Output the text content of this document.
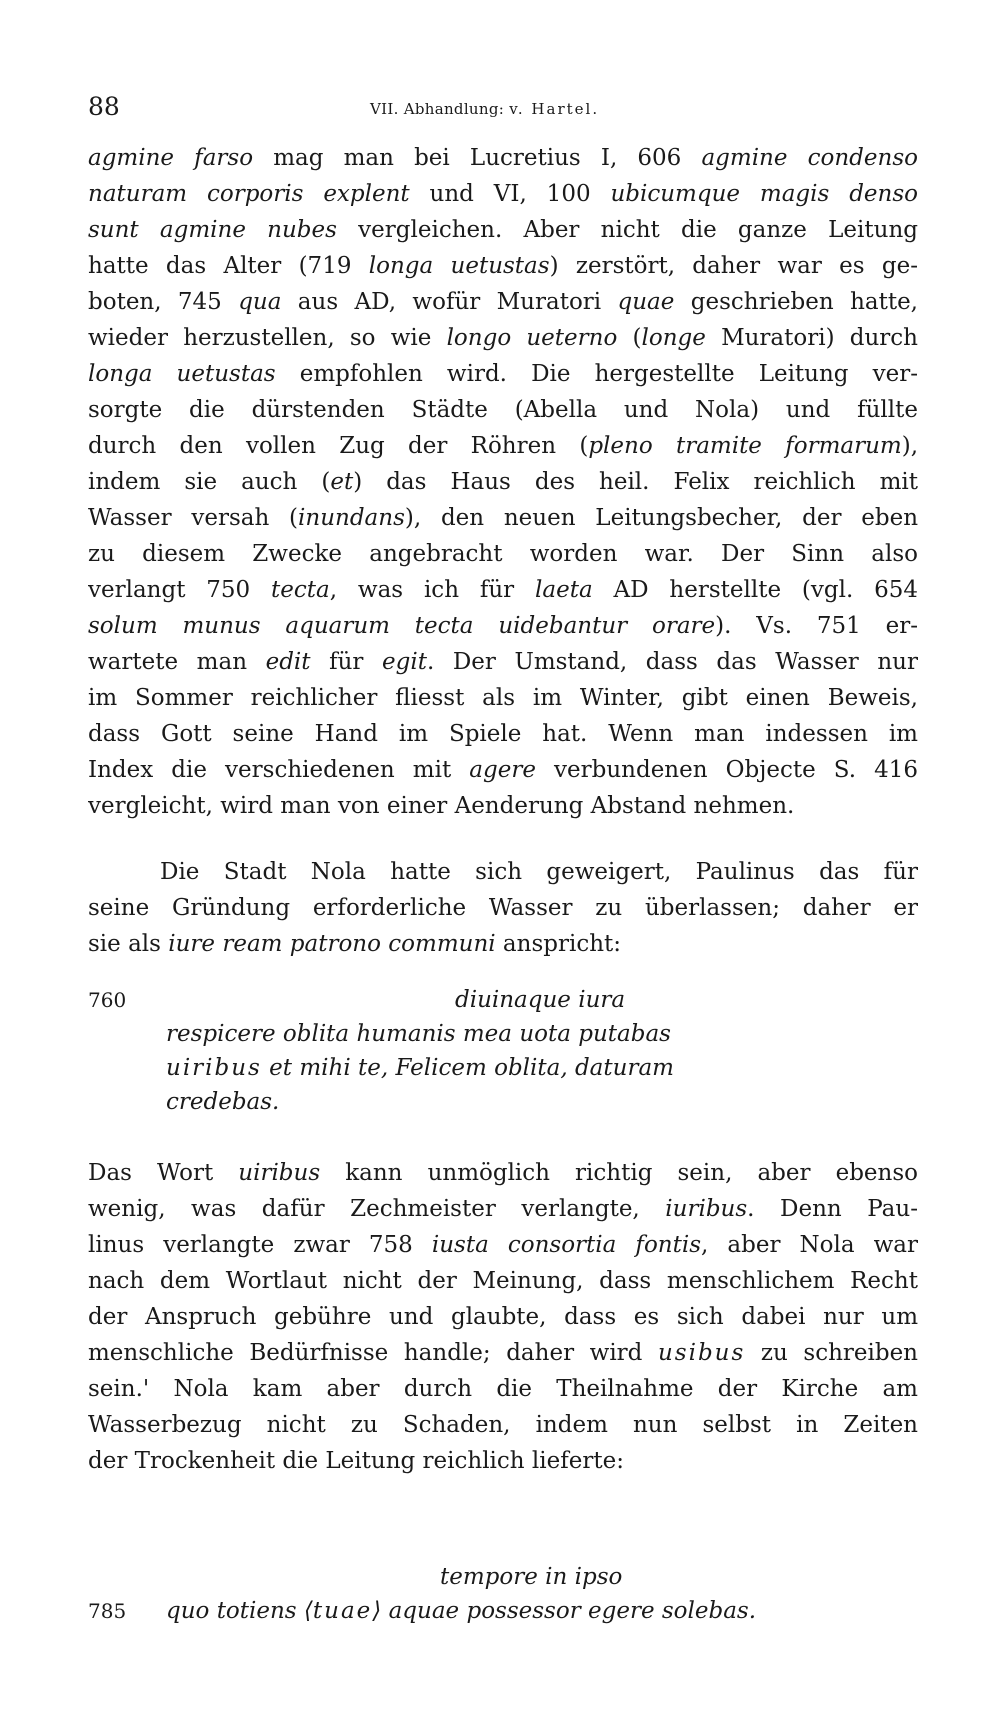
88	VII. Abhandlung: v. Hartel.
agmine farso mag man bei Lucretius I, 606 agmine condenso
naturam corporis explent und VI, 100 ubicumque magis denso
sunt agmine nubes vergleichen. Aber nicht die ganze Leitung
hatte das Alter (719 longa uetustas) zerstört, daher war es ge-
boten, 745 qua aus AD, wofür Muratori quae geschrieben hatte,
wieder herzustellen, so wie longo ueterno (longe Muratori) durch
longa uetustas empfohlen wird. Die hergestellte Leitung ver-
sorgte die dürstenden Städte (Abella und Nola) und füllte
durch den vollen Zug der Röhren (pleno tramite formarum),
indem sie auch (et) das Haus des heil. Felix reichlich mit
Wasser versah (inundans), den neuen Leitungsbecher, der eben
zu diesem Zwecke angebracht worden war. Der Sinn also
verlangt 750 tecta, was ich für laeta AD herstellte (vgl. 654
solum munus aquarum tecta uidebantur orare). Vs. 751 er-
wartete man edit für egit. Der Umstand, dass das Wasser nur
im Sommer reichlicher fliesst als im Winter, gibt einen Beweis,
dass Gott seine Hand im Spiele hat. Wenn man indessen im
Index die verschiedenen mit agere verbundenen Objecte S. 416
vergleicht, wird man von einer Aenderung Abstand nehmen.
Die Stadt Nola hatte sich geweigert, Paulinus das für
seine Gründung erforderliche Wasser zu überlassen; daher er
sie als iure ream patrono communi anspricht:
760	diuinaque iura
respicere oblita humanis mea uota putabas
uiribus et mihi te, Felicem oblita, daturam
credebas.
Das Wort uiribus kann unmöglich richtig sein, aber ebenso
wenig, was dafür Zechmeister verlangte, iuribus. Denn Pau-
linus verlangte zwar 758 iusta consortia fontis, aber Nola war
nach dem Wortlaut nicht der Meinung, dass menschlichem Recht
der Anspruch gebühre und glaubte, dass es sich dabei nur um
menschliche Bedürfnisse handle; daher wird usibus zu schreiben
sein.' Nola kam aber durch die Theilnahme der Kirche am
Wasserbezug nicht zu Schaden, indem nun selbst in Zeiten
der Trockenheit die Leitung reichlich lieferte:
tempore in ipso
785 quo totiens ⟨tuae⟩ aquae possessor egere solebas.
